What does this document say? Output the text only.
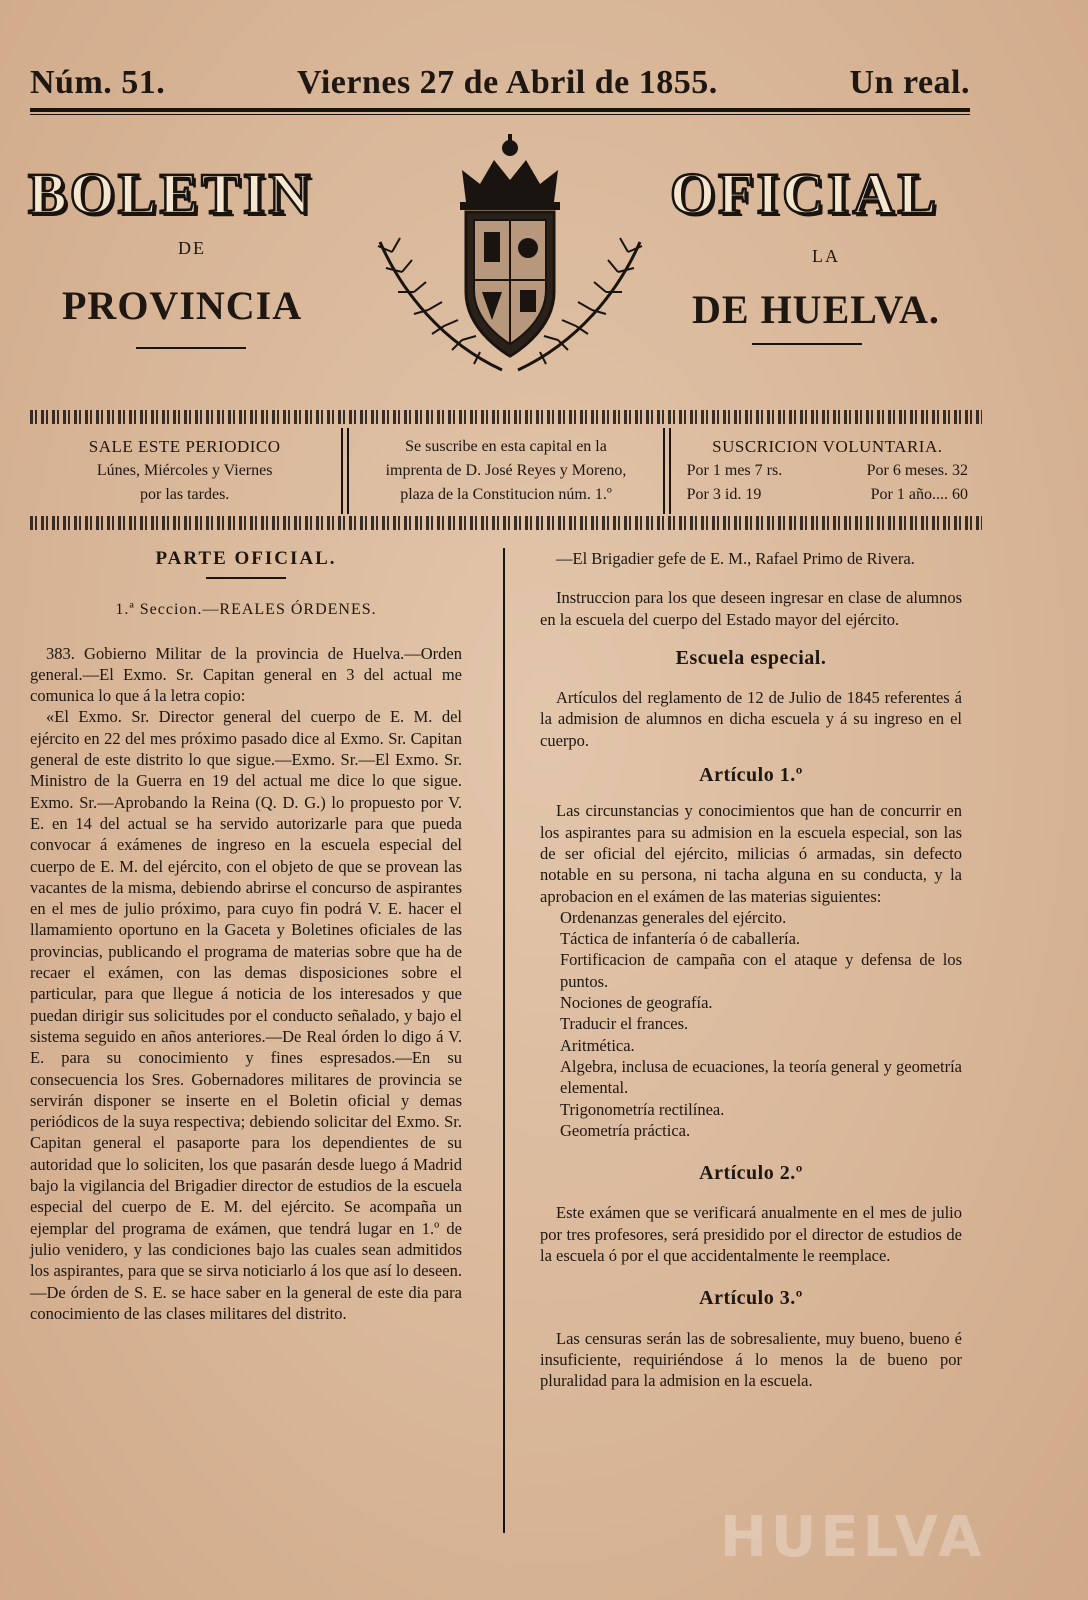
Núm. 51.	Viernes 27 de Abril de 1855.	Un real.
BOLETIN	OFICIAL
DE	LA
PROVINCIA	DE HUELVA.
SALE ESTE PERIODICO
Lúnes, Miércoles y Viernes
por las tardes.
Se suscribe en esta capital en la
imprenta de D. José Reyes y Moreno,
plaza de la Constitucion núm. 1.º
SUSCRICION VOLUNTARIA.
Por 1 mes 7 rs.	Por 6 meses. 32
Por 3 id. 19	Por 1 año.... 60
PARTE OFICIAL.
1.ª Seccion.—REALES ÓRDENES.

383. Gobierno Militar de la provincia de Huelva.—Orden general.—El Exmo. Sr. Capitan general en 3 del actual me comunica lo que á la letra copio:

«El Exmo. Sr. Director general del cuerpo de E. M. del ejército en 22 del mes próximo pasado dice al Exmo. Sr. Capitan general de este distrito lo que sigue.—Exmo. Sr.—El Exmo. Sr. Ministro de la Guerra en 19 del actual me dice lo que sigue. Exmo. Sr.—Aprobando la Reina (Q. D. G.) lo propuesto por V. E. en 14 del actual se ha servido autorizarle para que pueda convocar á exámenes de ingreso en la escuela especial del cuerpo de E. M. del ejército, con el objeto de que se provean las vacantes de la misma, debiendo abrirse el concurso de aspirantes en el mes de julio próximo, para cuyo fin podrá V. E. hacer el llamamiento oportuno en la Gaceta y Boletines oficiales de las provincias, publicando el programa de materias sobre que ha de recaer el exámen, con las demas disposiciones sobre el particular, para que llegue á noticia de los interesados y que puedan dirigir sus solicitudes por el conducto señalado, y bajo el sistema seguido en años anteriores.—De Real órden lo digo á V. E. para su conocimiento y fines espresados.—En su consecuencia los Sres. Gobernadores militares de provincia se servirán disponer se inserte en el Boletin oficial y demas periódicos de la suya respectiva; debiendo solicitar del Exmo. Sr. Capitan general el pasaporte para los dependientes de su autoridad que lo soliciten, los que pasarán desde luego á Madrid bajo la vigilancia del Brigadier director de estudios de la escuela especial del cuerpo de E. M. del ejército. Se acompaña un ejemplar del programa de exámen, que tendrá lugar en 1.º de julio venidero, y las condiciones bajo las cuales sean admitidos los aspirantes, para que se sirva noticiarlo á los que así lo deseen.—De órden de S. E. se hace saber en la general de este dia para conocimiento de las clases militares del distrito.

—El Brigadier gefe de E. M., Rafael Primo de Rivera.

Instruccion para los que deseen ingresar en clase de alumnos en la escuela del cuerpo del Estado mayor del ejército.

Escuela especial.

Artículos del reglamento de 12 de Julio de 1845 referentes á la admision de alumnos en dicha escuela y á su ingreso en el cuerpo.

Artículo 1.º

Las circunstancias y conocimientos que han de concurrir en los aspirantes para su admision en la escuela especial, son las de ser oficial del ejército, milicias ó armadas, sin defecto notable en su persona, ni tacha alguna en su conducta, y la aprobacion en el exámen de las materias siguientes:

Ordenanzas generales del ejército.
Táctica de infantería ó de caballería.
Fortificacion de campaña con el ataque y defensa de los puntos.
Nociones de geografía.
Traducir el frances.
Aritmética.
Algebra, inclusa de ecuaciones, la teoría general y geometría elemental.
Trigonometría rectilínea.
Geometría práctica.
Artículo 2.º

Este exámen que se verificará anualmente en el mes de julio por tres profesores, será presidido por el director de estudios de la escuela ó por el que accidentalmente le reemplace.

Artículo 3.º

Las censuras serán las de sobresaliente, muy bueno, bueno é insuficiente, requiriéndose á lo menos la de bueno por pluralidad para la admision en la escuela.

HUELVA
